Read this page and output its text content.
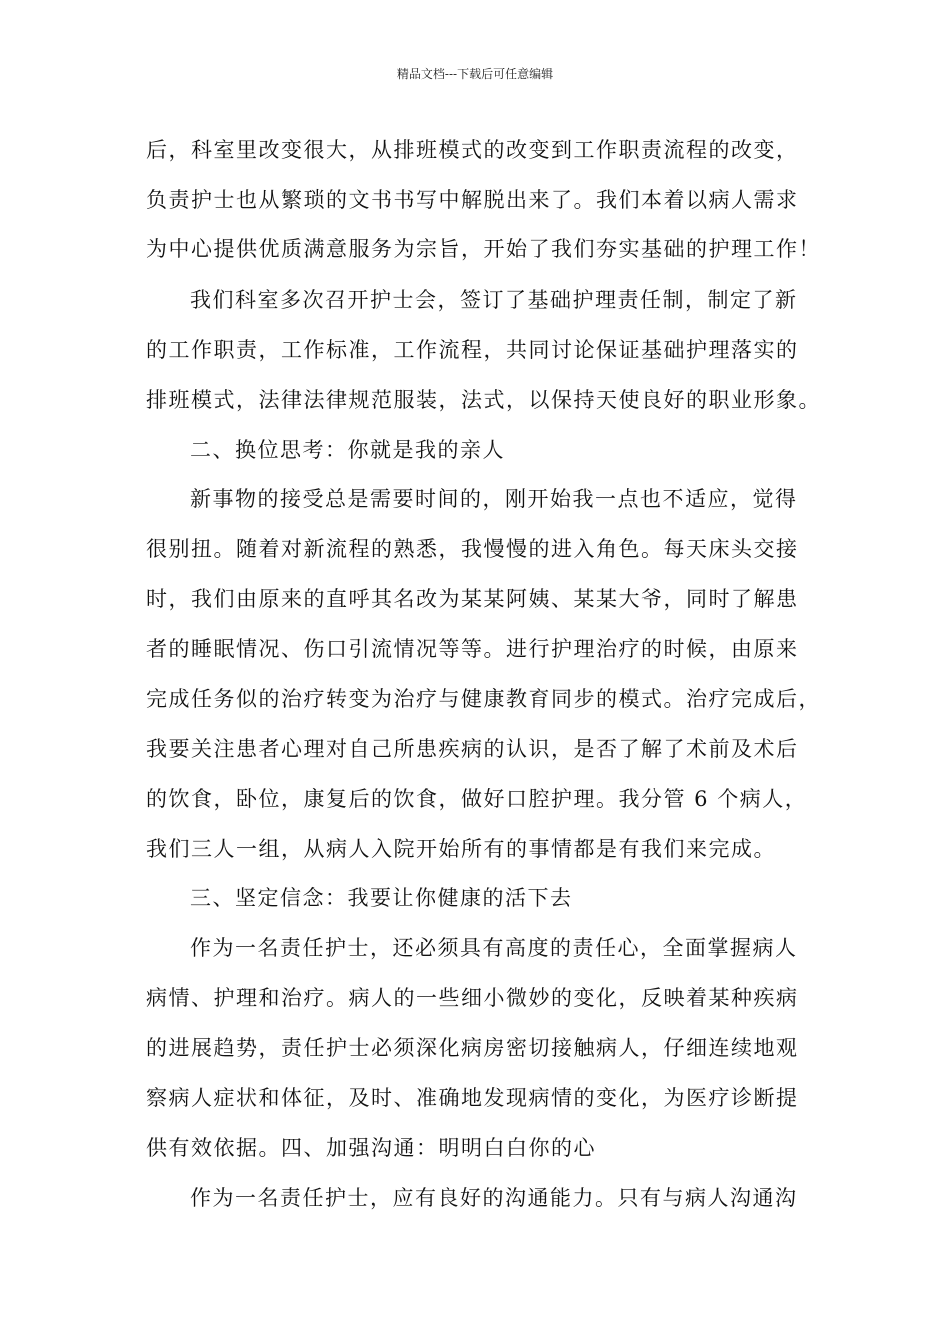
精品文档---下载后可任意编辑
后，科室里改变很大，从排班模式的改变到工作职责流程的改变，
负责护士也从繁琐的文书书写中解脱出来了。我们本着以病人需求
为中心提供优质满意服务为宗旨，开始了我们夯实基础的护理工作！
我们科室多次召开护士会，签订了基础护理责任制，制定了新
的工作职责，工作标准，工作流程，共同讨论保证基础护理落实的
排班模式，法律法律规范服装，法式，以保持天使良好的职业形象。
二、换位思考：你就是我的亲人
新事物的接受总是需要时间的，刚开始我一点也不适应，觉得
很别扭。随着对新流程的熟悉，我慢慢的进入角色。每天床头交接
时，我们由原来的直呼其名改为某某阿姨、某某大爷，同时了解患
者的睡眠情况、伤口引流情况等等。进行护理治疗的时候，由原来
完成任务似的治疗转变为治疗与健康教育同步的模式。治疗完成后，
我要关注患者心理对自己所患疾病的认识，是否了解了术前及术后
的饮食，卧位，康复后的饮食，做好口腔护理。我分管 6 个病人，
我们三人一组，从病人入院开始所有的事情都是有我们来完成。
三、坚定信念：我要让你健康的活下去
作为一名责任护士，还必须具有高度的责任心，全面掌握病人
病情、护理和治疗。病人的一些细小微妙的变化，反映着某种疾病
的进展趋势，责任护士必须深化病房密切接触病人，仔细连续地观
察病人症状和体征，及时、准确地发现病情的变化，为医疗诊断提
供有效依据。四、加强沟通：明明白白你的心
作为一名责任护士，应有良好的沟通能力。只有与病人沟通沟
